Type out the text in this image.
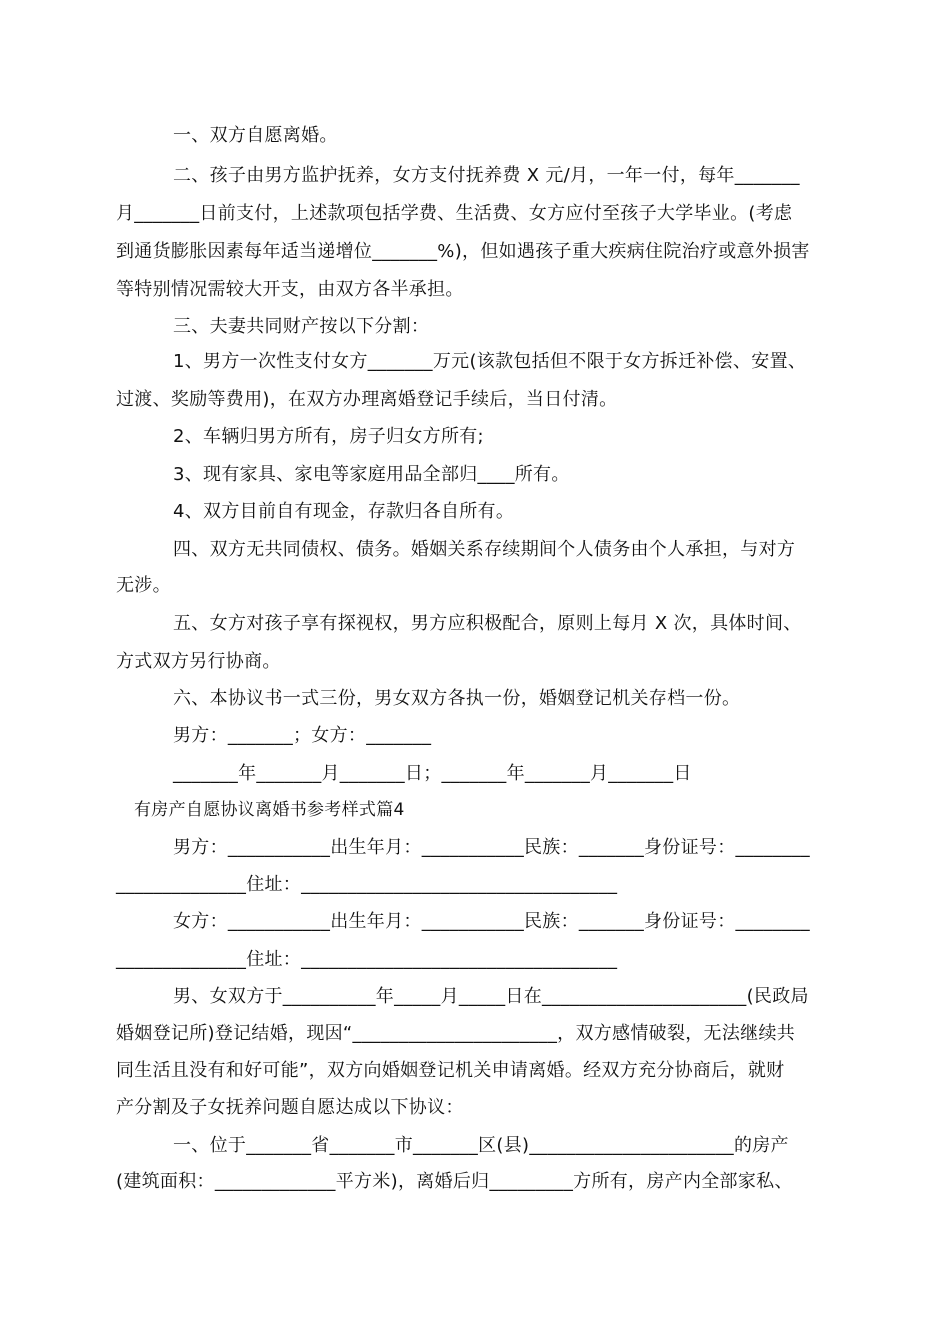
一、双方自愿离婚。
二、孩子由男方监护抚养，女方支付抚养费 X 元/月，一年一付，每年_______
月_______日前支付，上述款项包括学费、生活费、女方应付至孩子大学毕业。(考虑
到通货膨胀因素每年适当递增位_______%)，但如遇孩子重大疾病住院治疗或意外损害
等特别情况需较大开支，由双方各半承担。
三、夫妻共同财产按以下分割：
1、男方一次性支付女方_______万元(该款包括但不限于女方拆迁补偿、安置、
过渡、奖励等费用)，在双方办理离婚登记手续后，当日付清。
2、车辆归男方所有，房子归女方所有;
3、现有家具、家电等家庭用品全部归____所有。
4、双方目前自有现金，存款归各自所有。
四、双方无共同债权、债务。婚姻关系存续期间个人债务由个人承担，与对方
无涉。
五、女方对孩子享有探视权，男方应积极配合，原则上每月 X 次，具体时间、
方式双方另行协商。
六、本协议书一式三份，男女双方各执一份，婚姻登记机关存档一份。
男方：_______；女方：_______
_______年_______月_______日；_______年_______月_______日
有房产自愿协议离婚书参考样式篇4
男方：___________出生年月：___________民族：_______身份证号：________
______________住址：__________________________________
女方：___________出生年月：___________民族：_______身份证号：________
______________住址：__________________________________
男、女双方于__________年_____月_____日在______________________(民政局
婚姻登记所)登记结婚，现因“______________________，双方感情破裂，无法继续共
同生活且没有和好可能”，双方向婚姻登记机关申请离婚。经双方充分协商后，就财
产分割及子女抚养问题自愿达成以下协议：
一、位于_______省_______市_______区(县)______________________的房产
(建筑面积：_____________平方米)，离婚后归_________方所有，房产内全部家私、
